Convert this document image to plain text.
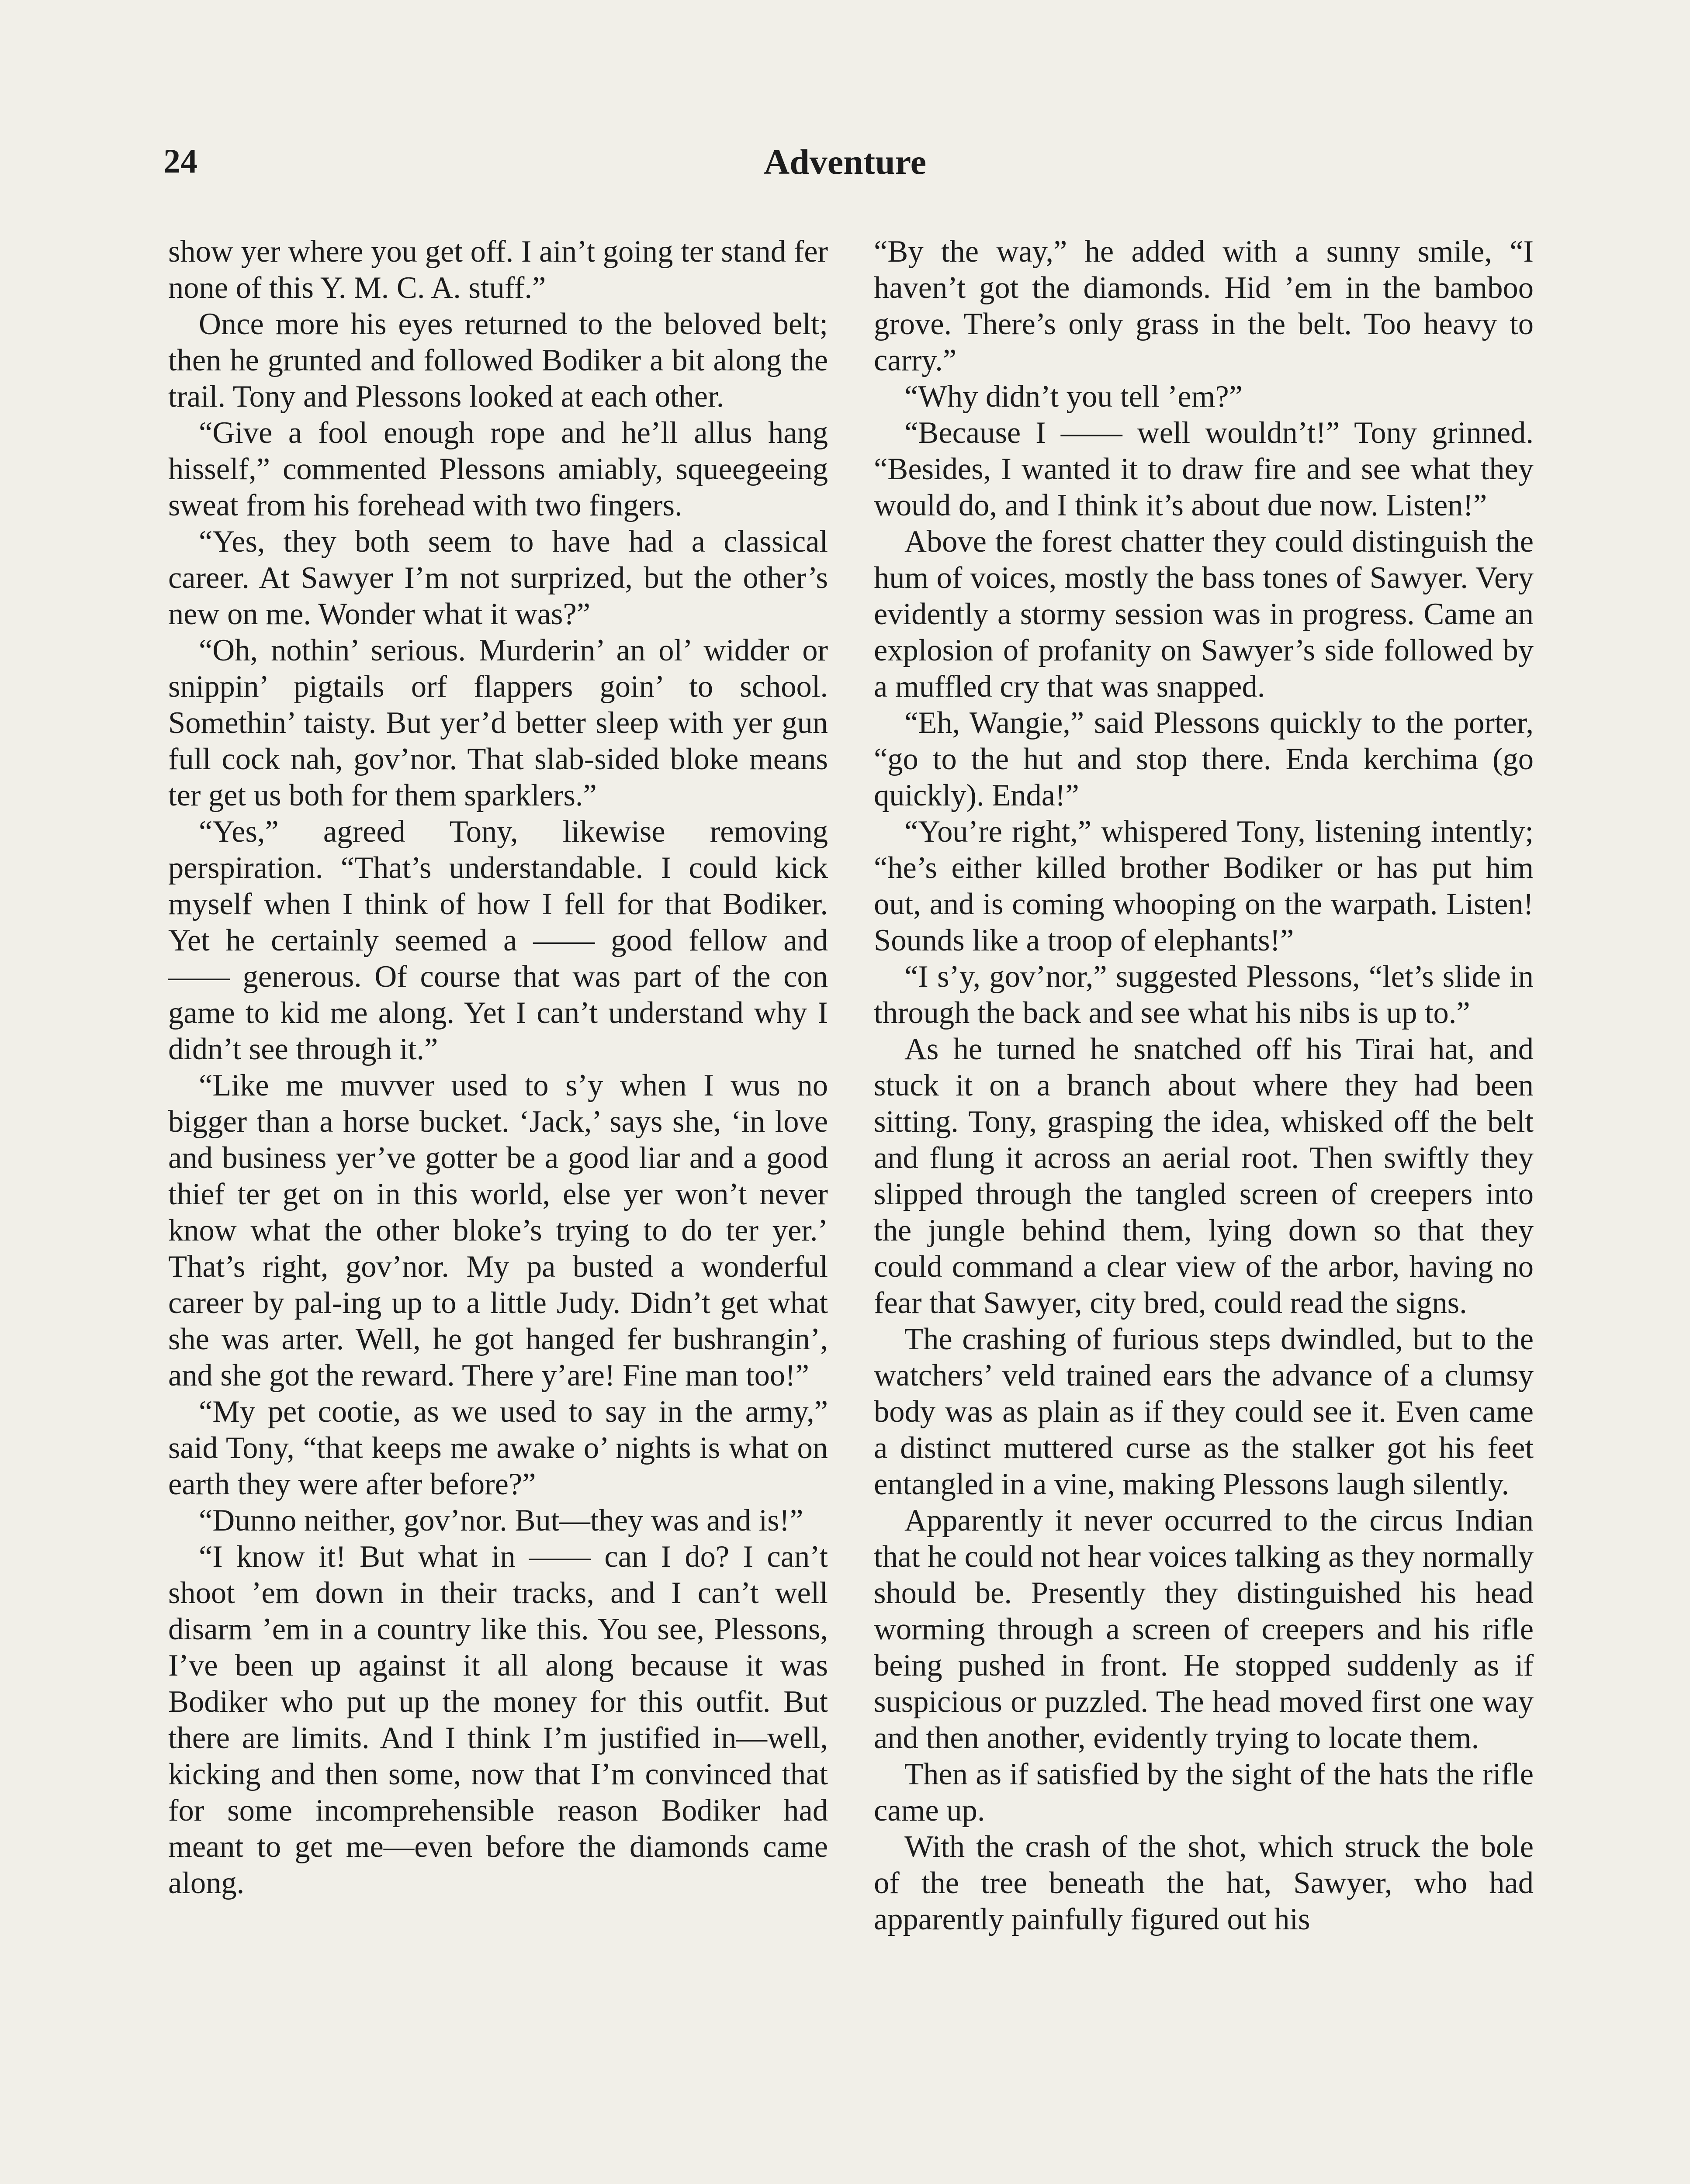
24	Adventure

show yer where you get off. I ain’t going ter stand fer none of this Y. M. C. A. stuff.”

Once more his eyes returned to the beloved belt; then he grunted and followed Bodiker a bit along the trail. Tony and Plessons looked at each other.

“Give a fool enough rope and he’ll allus hang hisself,” commented Plessons amiably, squeegeeing sweat from his forehead with two fingers.

“Yes, they both seem to have had a classical career. At Sawyer I’m not surprized, but the other’s new on me. Wonder what it was?”

“Oh, nothin’ serious. Murderin’ an ol’ widder or snippin’ pigtails orf flappers goin’ to school. Somethin’ taisty. But yer’d better sleep with yer gun full cock nah, gov’nor. That slab-sided bloke means ter get us both for them sparklers.”

“Yes,” agreed Tony, likewise removing perspiration. “That’s understandable. I could kick myself when I think of how I fell for that Bodiker. Yet he certainly seemed a —— good fellow and —— generous. Of course that was part of the con game to kid me along. Yet I can’t understand why I didn’t see through it.”

“Like me muvver used to s’y when I wus no bigger than a horse bucket. ‘Jack,’ says she, ‘in love and business yer’ve gotter be a good liar and a good thief ter get on in this world, else yer won’t never know what the other bloke’s trying to do ter yer.’ That’s right, gov’nor. My pa busted a wonderful career by pal-ing up to a little Judy. Didn’t get what she was arter. Well, he got hanged fer bushrangin’, and she got the reward. There y’are! Fine man too!”

“My pet cootie, as we used to say in the army,” said Tony, “that keeps me awake o’ nights is what on earth they were after before?”

“Dunno neither, gov’nor. But—they was and is!”

“I know it! But what in —— can I do? I can’t shoot ’em down in their tracks, and I can’t well disarm ’em in a country like this. You see, Plessons, I’ve been up against it all along because it was Bodiker who put up the money for this outfit. But there are limits. And I think I’m justified in—well, kicking and then some, now that I’m convinced that for some incomprehensible reason Bodiker had meant to get me—even before the diamonds came along.

“By the way,” he added with a sunny smile, “I haven’t got the diamonds. Hid ’em in the bamboo grove. There’s only grass in the belt. Too heavy to carry.”

“Why didn’t you tell ’em?”

“Because I —— well wouldn’t!” Tony grinned. “Besides, I wanted it to draw fire and see what they would do, and I think it’s about due now. Listen!”

Above the forest chatter they could distinguish the hum of voices, mostly the bass tones of Sawyer. Very evidently a stormy session was in progress. Came an explosion of profanity on Sawyer’s side followed by a muffled cry that was snapped.

“Eh, Wangie,” said Plessons quickly to the porter, “go to the hut and stop there. Enda kerchima (go quickly). Enda!”

“You’re right,” whispered Tony, listening intently; “he’s either killed brother Bodiker or has put him out, and is coming whooping on the warpath. Listen! Sounds like a troop of elephants!”

“I s’y, gov’nor,” suggested Plessons, “let’s slide in through the back and see what his nibs is up to.”

As he turned he snatched off his Tirai hat, and stuck it on a branch about where they had been sitting. Tony, grasping the idea, whisked off the belt and flung it across an aerial root. Then swiftly they slipped through the tangled screen of creepers into the jungle behind them, lying down so that they could command a clear view of the arbor, having no fear that Sawyer, city bred, could read the signs.

The crashing of furious steps dwindled, but to the watchers’ veld trained ears the advance of a clumsy body was as plain as if they could see it. Even came a distinct muttered curse as the stalker got his feet entangled in a vine, making Plessons laugh silently.

Apparently it never occurred to the circus Indian that he could not hear voices talking as they normally should be. Presently they distinguished his head worming through a screen of creepers and his rifle being pushed in front. He stopped suddenly as if suspicious or puzzled. The head moved first one way and then another, evidently trying to locate them.

Then as if satisfied by the sight of the hats the rifle came up.

With the crash of the shot, which struck the bole of the tree beneath the hat, Sawyer, who had apparently painfully figured out his
